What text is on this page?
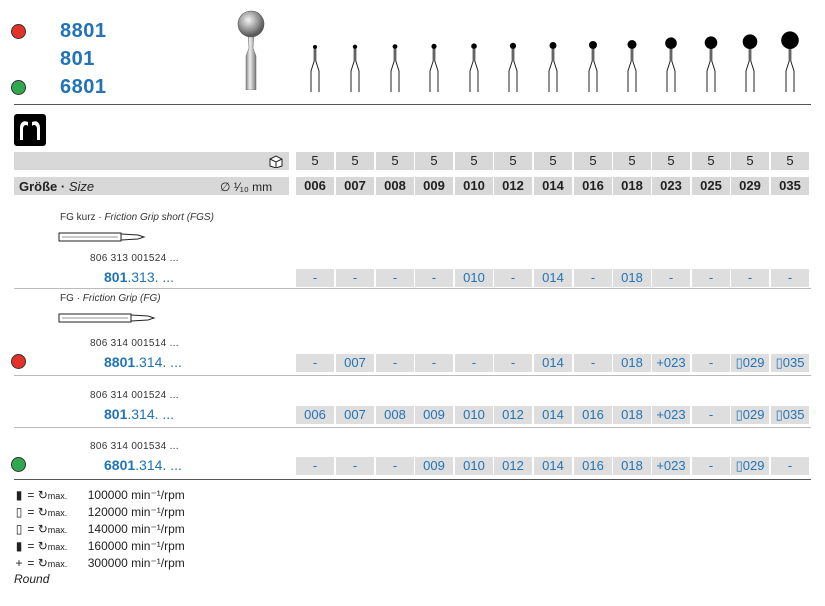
8801
801
6801
5	5	5	5	5	5	5	5	5	5	5	5	5
Größe · Size	∅ ¹⁄₁₀ mm	006	007	008	009	010	012	014	016	018	023	025	029	035
FG kurz · Friction Grip short (FGS)
806 313 001524 ...
801.313. ...	-	-	-	-	010	-	014	-	018	-	-	-	-
FG · Friction Grip (FG)
806 314 001514 ...
8801.314. ...	-	007	-	-	-	-	014	-	018	+023	-	▯029 ▯035
806 314 001524 ...
801.314. ...	006	007	008	009	010	012	014	016	018	+023	-	▯029 ▯035
806 314 001534 ...
6801.314. ...	-	-	-	009	010	012	014	016	018	+023	-	▯029	-
▮ = ↻max. 100000 min⁻¹/rpm
▯ = ↻max. 120000 min⁻¹/rpm
▯ = ↻max. 140000 min⁻¹/rpm
▮ = ↻max. 160000 min⁻¹/rpm
+ = ↻max. 300000 min⁻¹/rpm
Round
